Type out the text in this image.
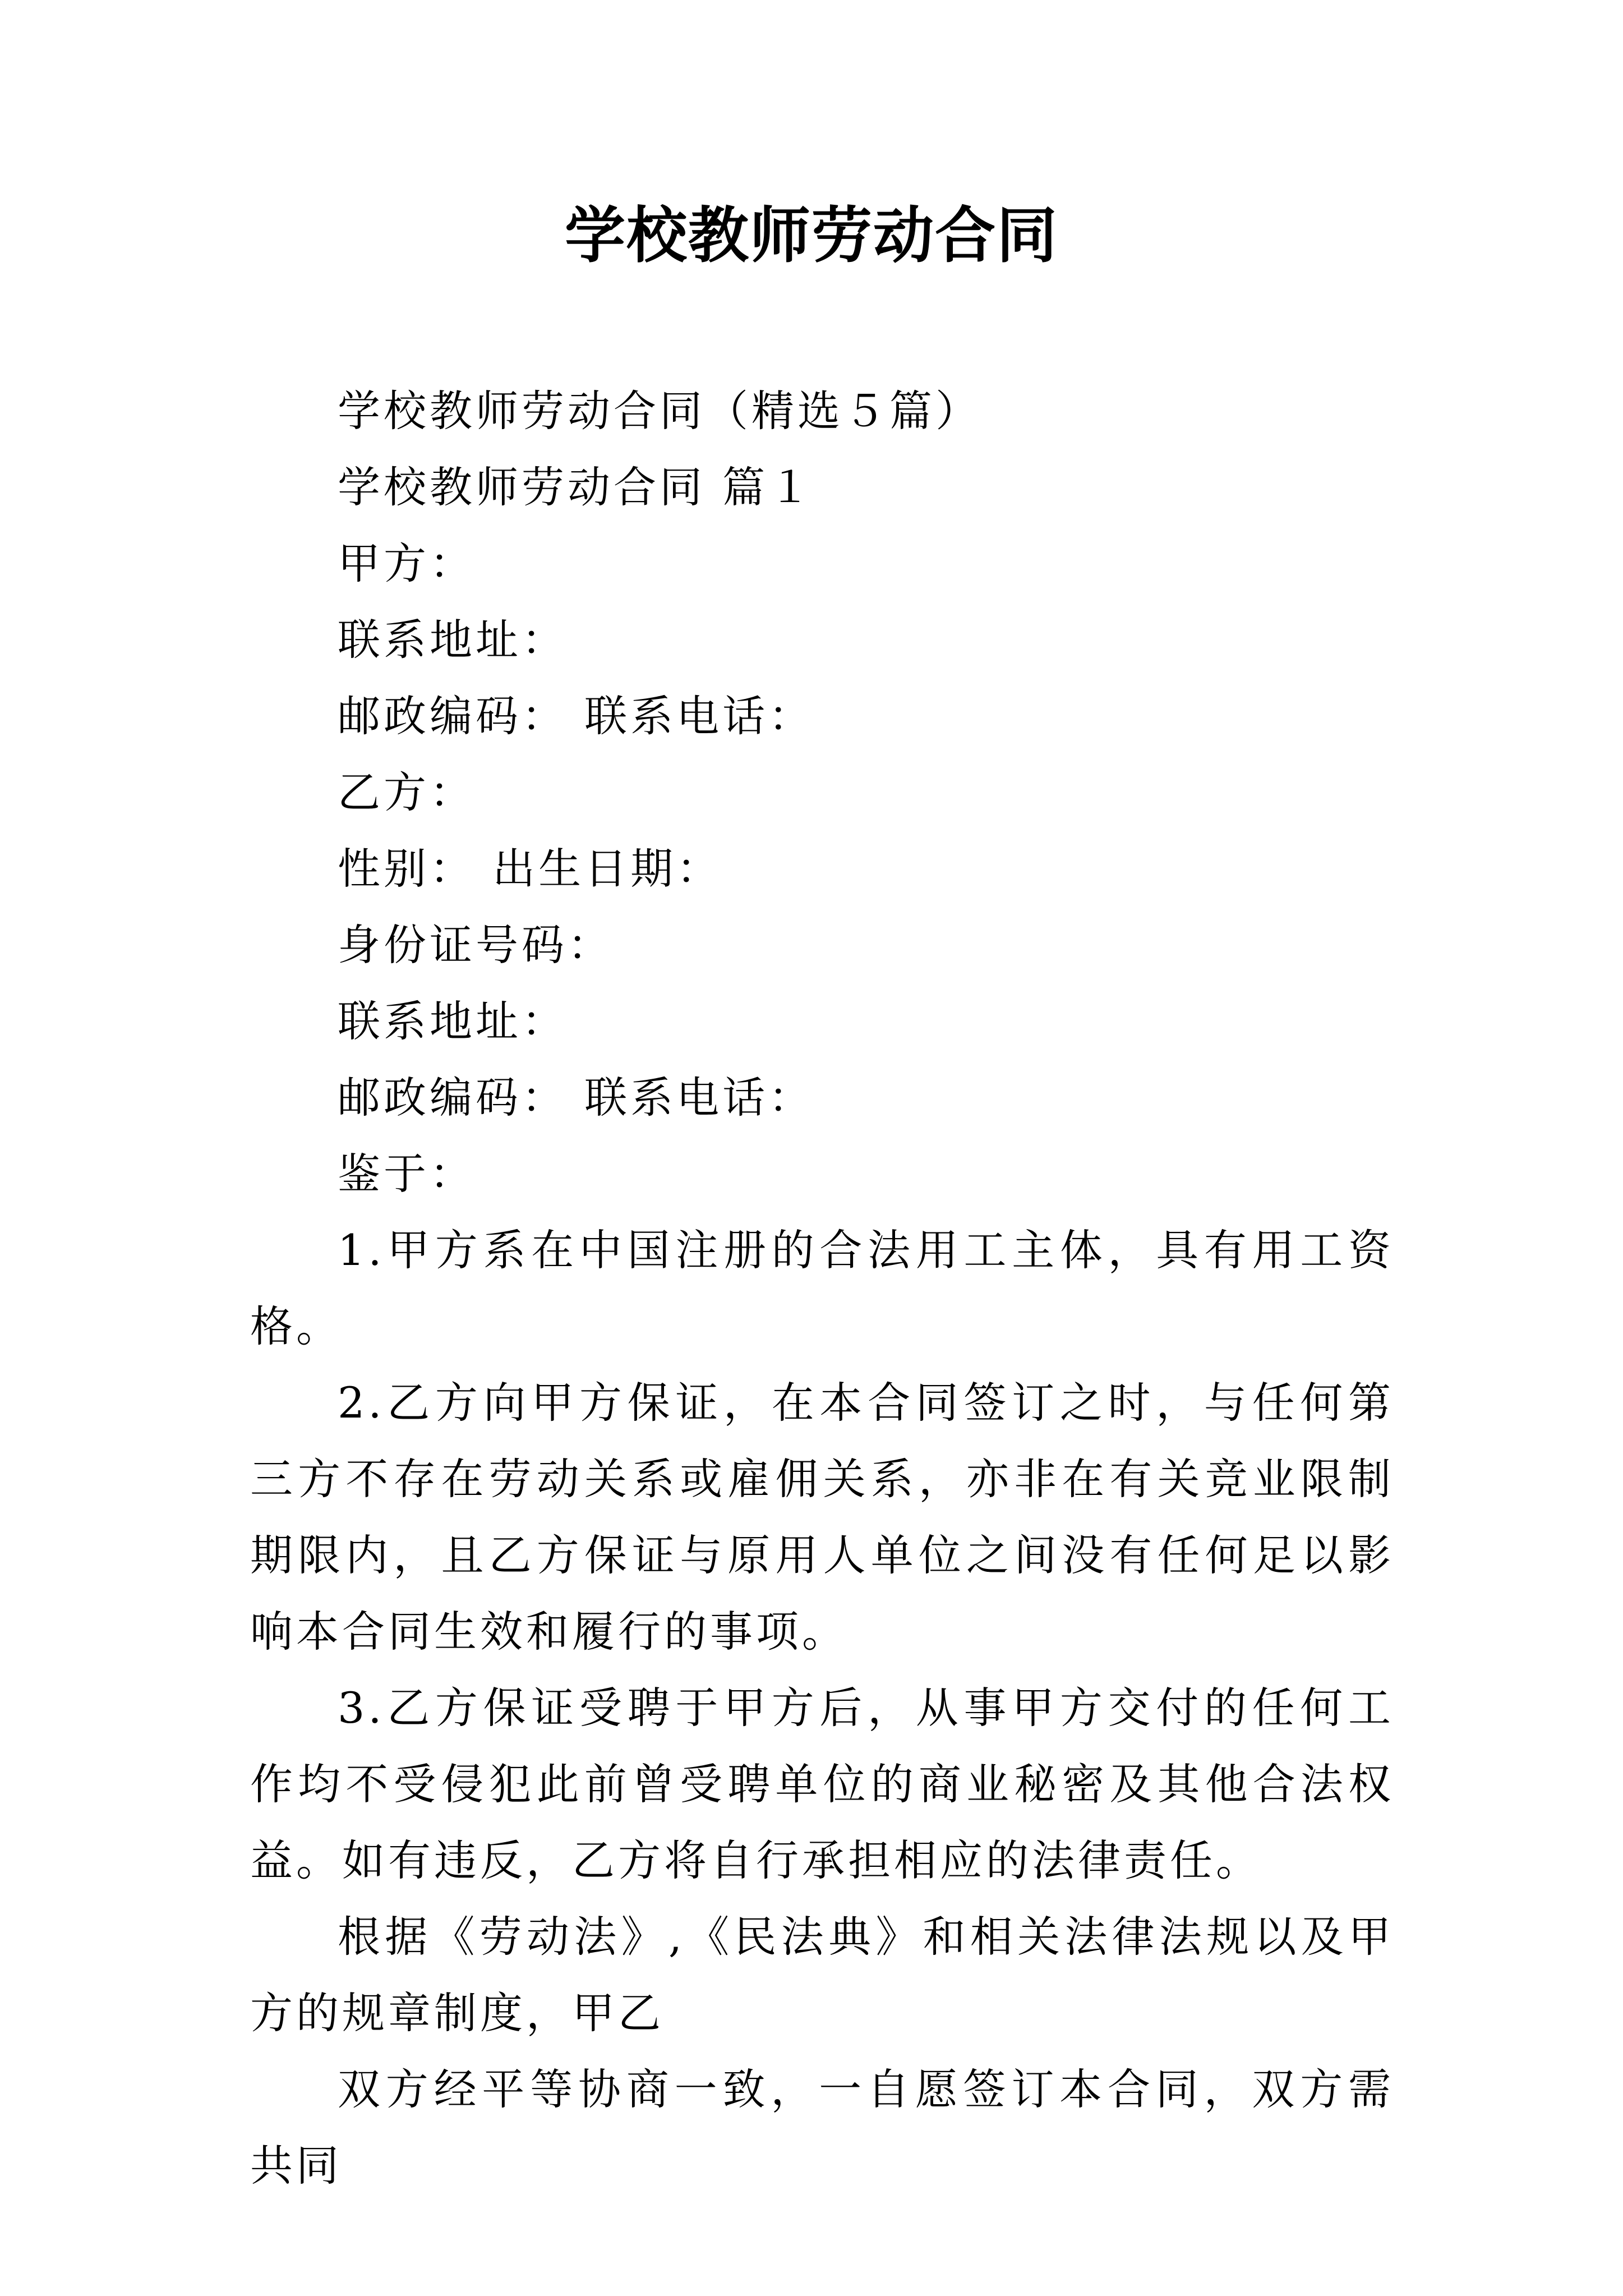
学校教师劳动合同

学校教师劳动合同（精选５篇）

学校教师劳动合同 篇１

甲方：

联系地址：

邮政编码： 联系电话：

乙方：

性别： 出生日期：

身份证号码：

联系地址：

邮政编码： 联系电话：

鉴于：

1.甲方系在中国注册的合法用工主体，具有用工资格。

2.乙方向甲方保证，在本合同签订之时，与任何第三方不存在劳动关系或雇佣关系，亦非在有关竞业限制期限内，且乙方保证与原用人单位之间没有任何足以影响本合同生效和履行的事项。

3.乙方保证受聘于甲方后，从事甲方交付的任何工作均不受侵犯此前曾受聘单位的商业秘密及其他合法权益。如有违反，乙方将自行承担相应的法律责任。

根据《劳动法》,《民法典》和相关法律法规以及甲方的规章制度，甲乙

双方经平等协商一致，一自愿签订本合同，双方需共同
